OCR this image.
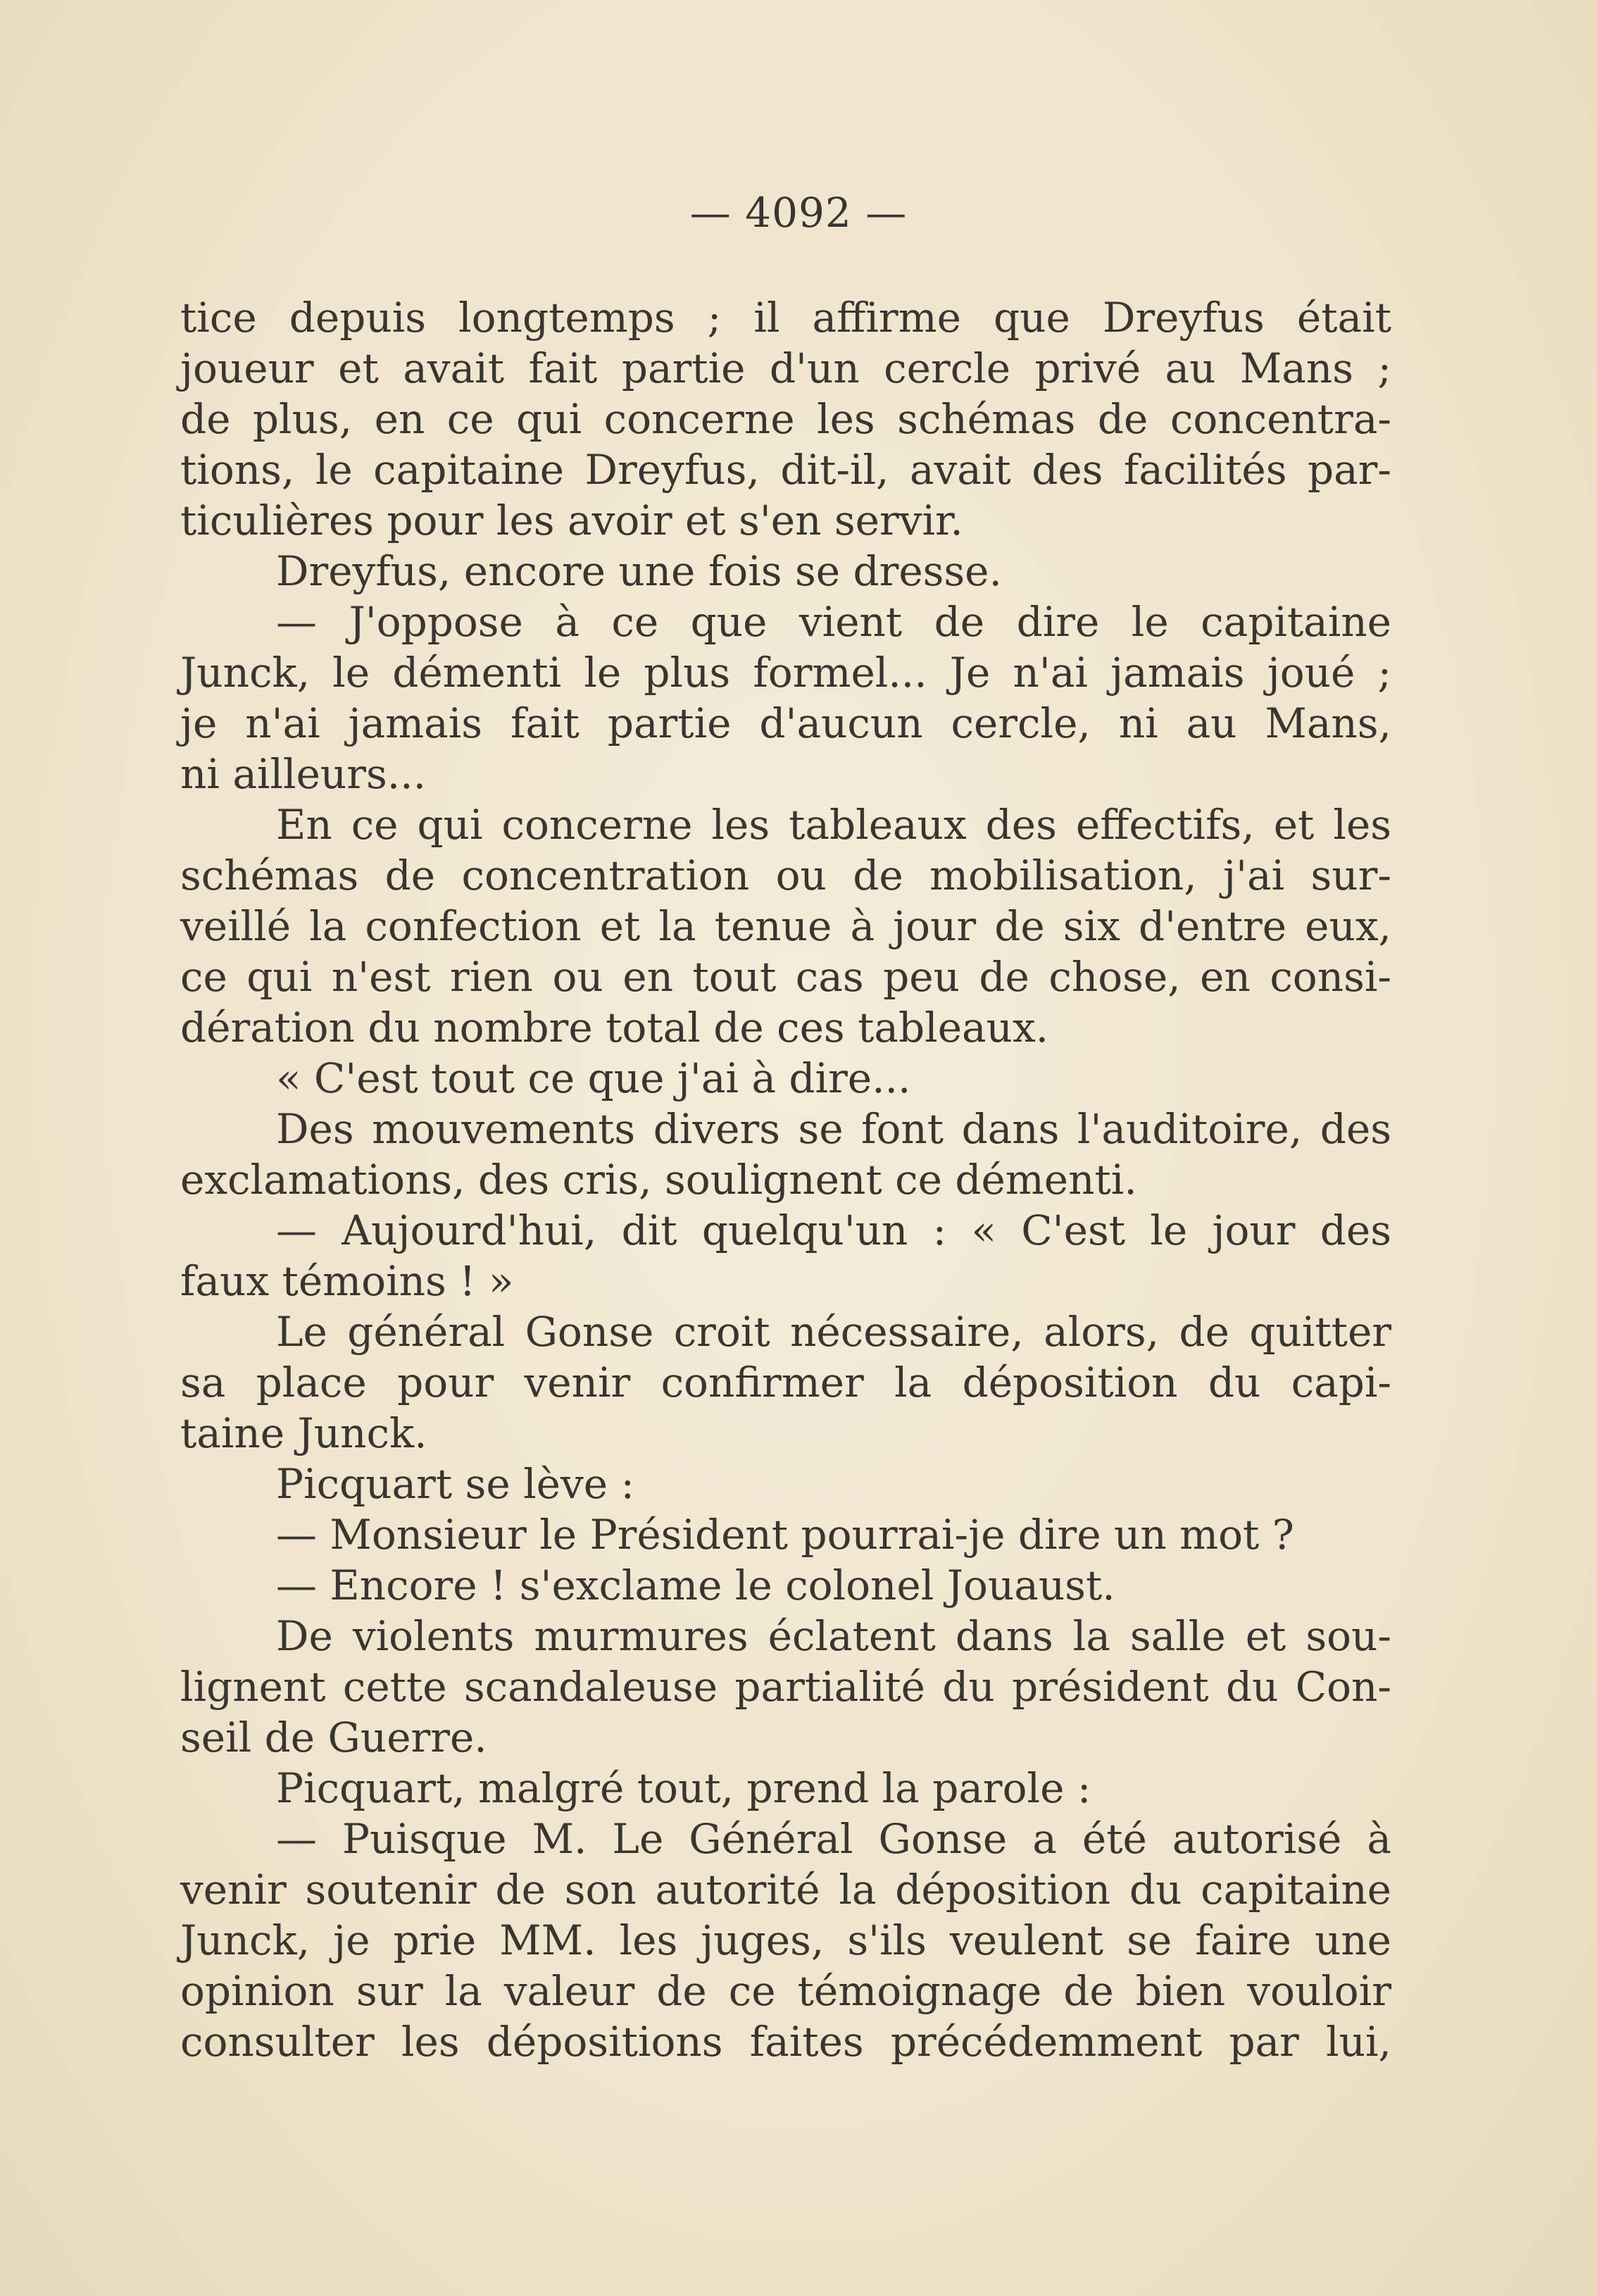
— 4092 —
tice depuis longtemps ; il affirme que Dreyfus était
joueur et avait fait partie d'un cercle privé au Mans ;
de plus, en ce qui concerne les schémas de concentra-
tions, le capitaine Dreyfus, dit-il, avait des facilités par-
ticulières pour les avoir et s'en servir.
Dreyfus, encore une fois se dresse.
— J'oppose à ce que vient de dire le capitaine
Junck, le démenti le plus formel... Je n'ai jamais joué ;
je n'ai jamais fait partie d'aucun cercle, ni au Mans,
ni ailleurs...
En ce qui concerne les tableaux des effectifs, et les
schémas de concentration ou de mobilisation, j'ai sur-
veillé la confection et la tenue à jour de six d'entre eux,
ce qui n'est rien ou en tout cas peu de chose, en consi-
dération du nombre total de ces tableaux.
« C'est tout ce que j'ai à dire...
Des mouvements divers se font dans l'auditoire, des
exclamations, des cris, soulignent ce démenti.
— Aujourd'hui, dit quelqu'un : « C'est le jour des
faux témoins ! »
Le général Gonse croit nécessaire, alors, de quitter
sa place pour venir confirmer la déposition du capi-
taine Junck.
Picquart se lève :
— Monsieur le Président pourrai-je dire un mot ?
— Encore ! s'exclame le colonel Jouaust.
De violents murmures éclatent dans la salle et sou-
lignent cette scandaleuse partialité du président du Con-
seil de Guerre.
Picquart, malgré tout, prend la parole :
— Puisque M. Le Général Gonse a été autorisé à
venir soutenir de son autorité la déposition du capitaine
Junck, je prie MM. les juges, s'ils veulent se faire une
opinion sur la valeur de ce témoignage de bien vouloir
consulter les dépositions faites précédemment par lui,
